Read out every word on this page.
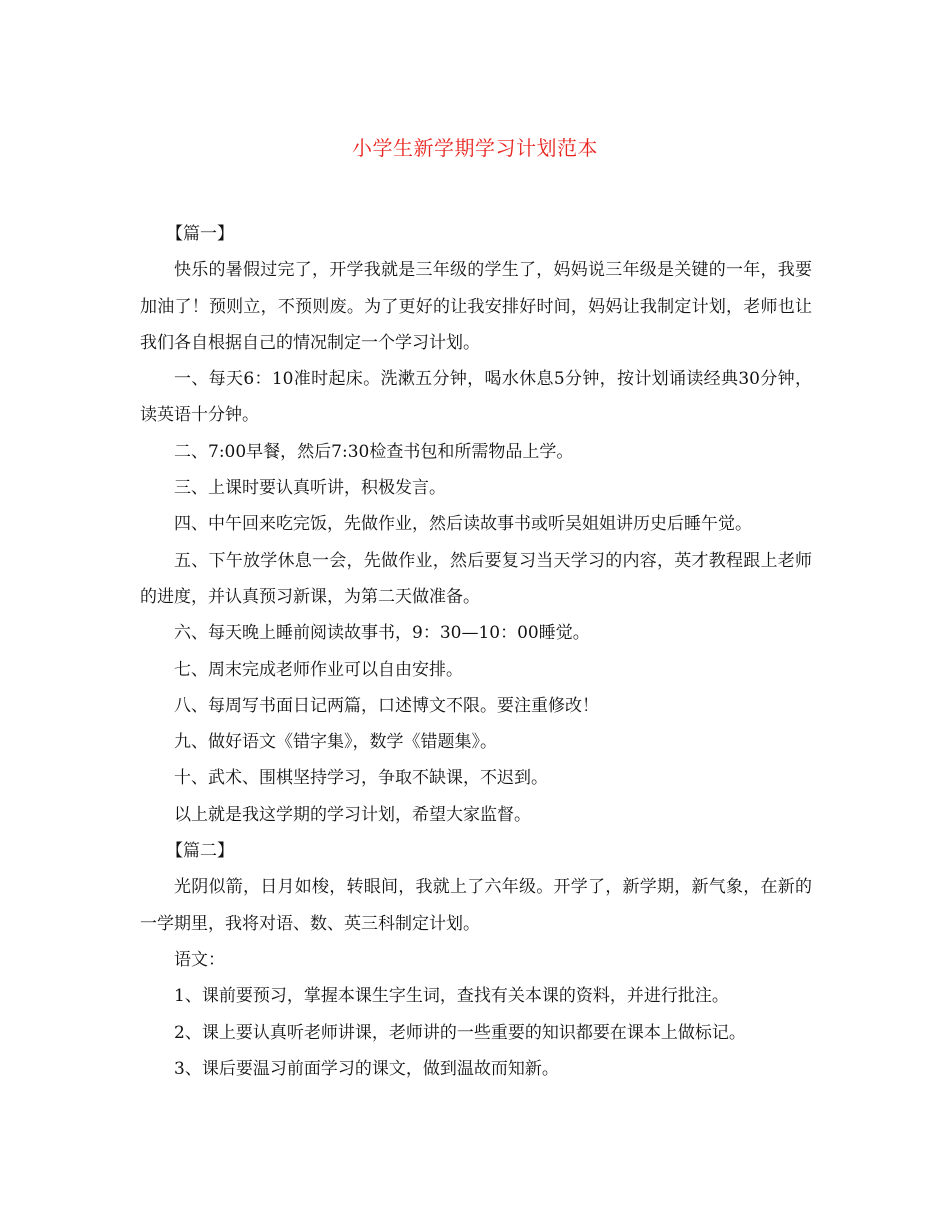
小学生新学期学习计划范本

【篇一】

快乐的暑假过完了，开学我就是三年级的学生了，妈妈说三年级是关键的一年，我要加油了！预则立，不预则废。为了更好的让我安排好时间，妈妈让我制定计划，老师也让我们各自根据自己的情况制定一个学习计划。

一、每天6：10准时起床。洗漱五分钟，喝水休息5分钟，按计划诵读经典30分钟，读英语十分钟。

二、7:00早餐，然后7:30检查书包和所需物品上学。

三、上课时要认真听讲，积极发言。

四、中午回来吃完饭，先做作业，然后读故事书或听吴姐姐讲历史后睡午觉。

五、下午放学休息一会，先做作业，然后要复习当天学习的内容，英才教程跟上老师的进度，并认真预习新课，为第二天做准备。

六、每天晚上睡前阅读故事书，9：30—10：00睡觉。

七、周末完成老师作业可以自由安排。

八、每周写书面日记两篇，口述博文不限。要注重修改！

九、做好语文《错字集》，数学《错题集》。

十、武术、围棋坚持学习，争取不缺课，不迟到。

以上就是我这学期的学习计划，希望大家监督。

【篇二】

光阴似箭，日月如梭，转眼间，我就上了六年级。开学了，新学期，新气象，在新的一学期里，我将对语、数、英三科制定计划。

语文：

1、课前要预习，掌握本课生字生词，查找有关本课的资料，并进行批注。

2、课上要认真听老师讲课，老师讲的一些重要的知识都要在课本上做标记。

3、课后要温习前面学习的课文，做到温故而知新。
